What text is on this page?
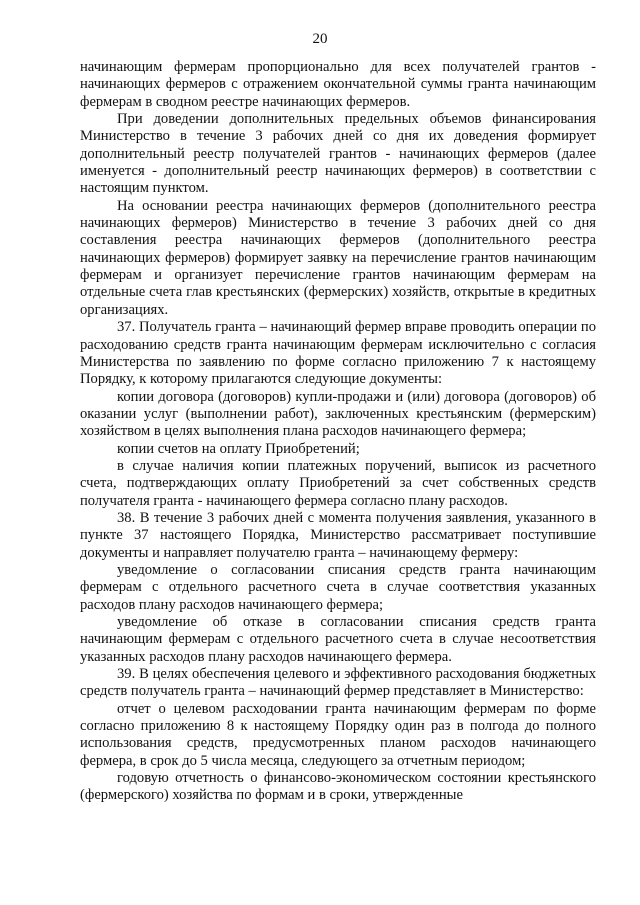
20

начинающим фермерам пропорционально для всех получателей грантов - начинающих фермеров с отражением окончательной суммы гранта начинающим фермерам в сводном реестре начинающих фермеров.

При доведении дополнительных предельных объемов финансирования Министерство в течение 3 рабочих дней со дня их доведения формирует дополнительный реестр получателей грантов - начинающих фермеров (далее именуется - дополнительный реестр начинающих фермеров) в соответствии с настоящим пунктом.

На основании реестра начинающих фермеров (дополнительного реестра начинающих фермеров) Министерство в течение 3 рабочих дней со дня составления реестра начинающих фермеров (дополнительного реестра начинающих фермеров) формирует заявку на перечисление грантов начинающим фермерам и организует перечисление грантов начинающим фермерам на отдельные счета глав крестьянских (фермерских) хозяйств, открытые в кредитных организациях.

37. Получатель гранта – начинающий фермер вправе проводить операции по расходованию средств гранта начинающим фермерам исключительно с согласия Министерства по заявлению по форме согласно приложению 7 к настоящему Порядку, к которому прилагаются следующие документы:

копии договора (договоров) купли-продажи и (или) договора (договоров) об оказании услуг (выполнении работ), заключенных крестьянским (фермерским) хозяйством в целях выполнения плана расходов начинающего фермера;

копии счетов на оплату Приобретений;

в случае наличия копии платежных поручений, выписок из расчетного счета, подтверждающих оплату Приобретений за счет собственных средств получателя гранта - начинающего фермера согласно плану расходов.

38. В течение 3 рабочих дней с момента получения заявления, указанного в пункте 37 настоящего Порядка, Министерство рассматривает поступившие документы и направляет получателю гранта – начинающему фермеру:

уведомление о согласовании списания средств гранта начинающим фермерам с отдельного расчетного счета в случае соответствия указанных расходов плану расходов начинающего фермера;

уведомление об отказе в согласовании списания средств гранта начинающим фермерам с отдельного расчетного счета в случае несоответствия указанных расходов плану расходов начинающего фермера.

39. В целях обеспечения целевого и эффективного расходования бюджетных средств получатель гранта – начинающий фермер представляет в Министерство:

отчет о целевом расходовании гранта начинающим фермерам по форме согласно приложению 8 к настоящему Порядку один раз в полгода до полного использования средств, предусмотренных планом расходов начинающего фермера, в срок до 5 числа месяца, следующего за отчетным периодом;

годовую отчетность о финансово-экономическом состоянии крестьянского (фермерского) хозяйства по формам и в сроки, утвержденные
